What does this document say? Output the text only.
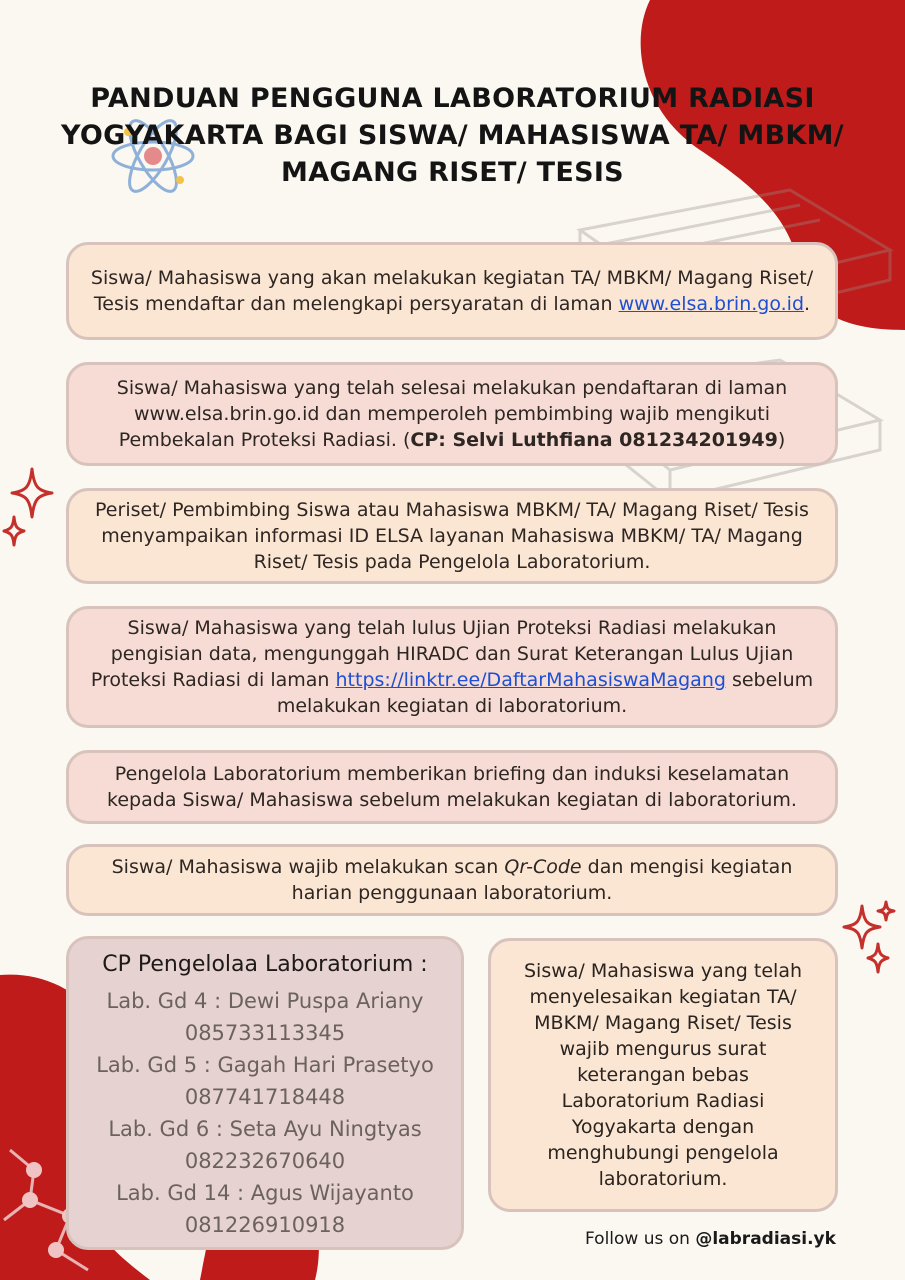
PANDUAN PENGGUNA LABORATORIUM RADIASI YOGYAKARTA BAGI SISWA/ MAHASISWA TA/ MBKM/ MAGANG RISET/ TESIS

Siswa/ Mahasiswa yang akan melakukan kegiatan TA/ MBKM/ Magang Riset/ Tesis mendaftar dan melengkapi persyaratan di laman www.elsa.brin.go.id.

Siswa/ Mahasiswa yang telah selesai melakukan pendaftaran di laman www.elsa.brin.go.id dan memperoleh pembimbing wajib mengikuti Pembekalan Proteksi Radiasi. (CP: Selvi Luthfiana 081234201949)

Periset/ Pembimbing Siswa atau Mahasiswa MBKM/ TA/ Magang Riset/ Tesis menyampaikan informasi ID ELSA layanan Mahasiswa MBKM/ TA/ Magang Riset/ Tesis pada Pengelola Laboratorium.

Siswa/ Mahasiswa yang telah lulus Ujian Proteksi Radiasi melakukan pengisian data, mengunggah HIRADC dan Surat Keterangan Lulus Ujian Proteksi Radiasi di laman https://linktr.ee/DaftarMahasiswaMagang sebelum melakukan kegiatan di laboratorium.

Pengelola Laboratorium memberikan briefing dan induksi keselamatan kepada Siswa/ Mahasiswa sebelum melakukan kegiatan di laboratorium.

Siswa/ Mahasiswa wajib melakukan scan Qr-Code dan mengisi kegiatan harian penggunaan laboratorium.

CP Pengelolaa Laboratorium :

Lab. Gd 4 : Dewi Puspa Ariany

085733113345

Lab. Gd 5 : Gagah Hari Prasetyo

087741718448

Lab. Gd 6 : Seta Ayu Ningtyas

082232670640

Lab. Gd 14 : Agus Wijayanto

081226910918

Siswa/ Mahasiswa yang telah menyelesaikan kegiatan TA/ MBKM/ Magang Riset/ Tesis wajib mengurus surat keterangan bebas Laboratorium Radiasi Yogyakarta dengan menghubungi pengelola laboratorium.

Follow us on @labradiasi.yk
